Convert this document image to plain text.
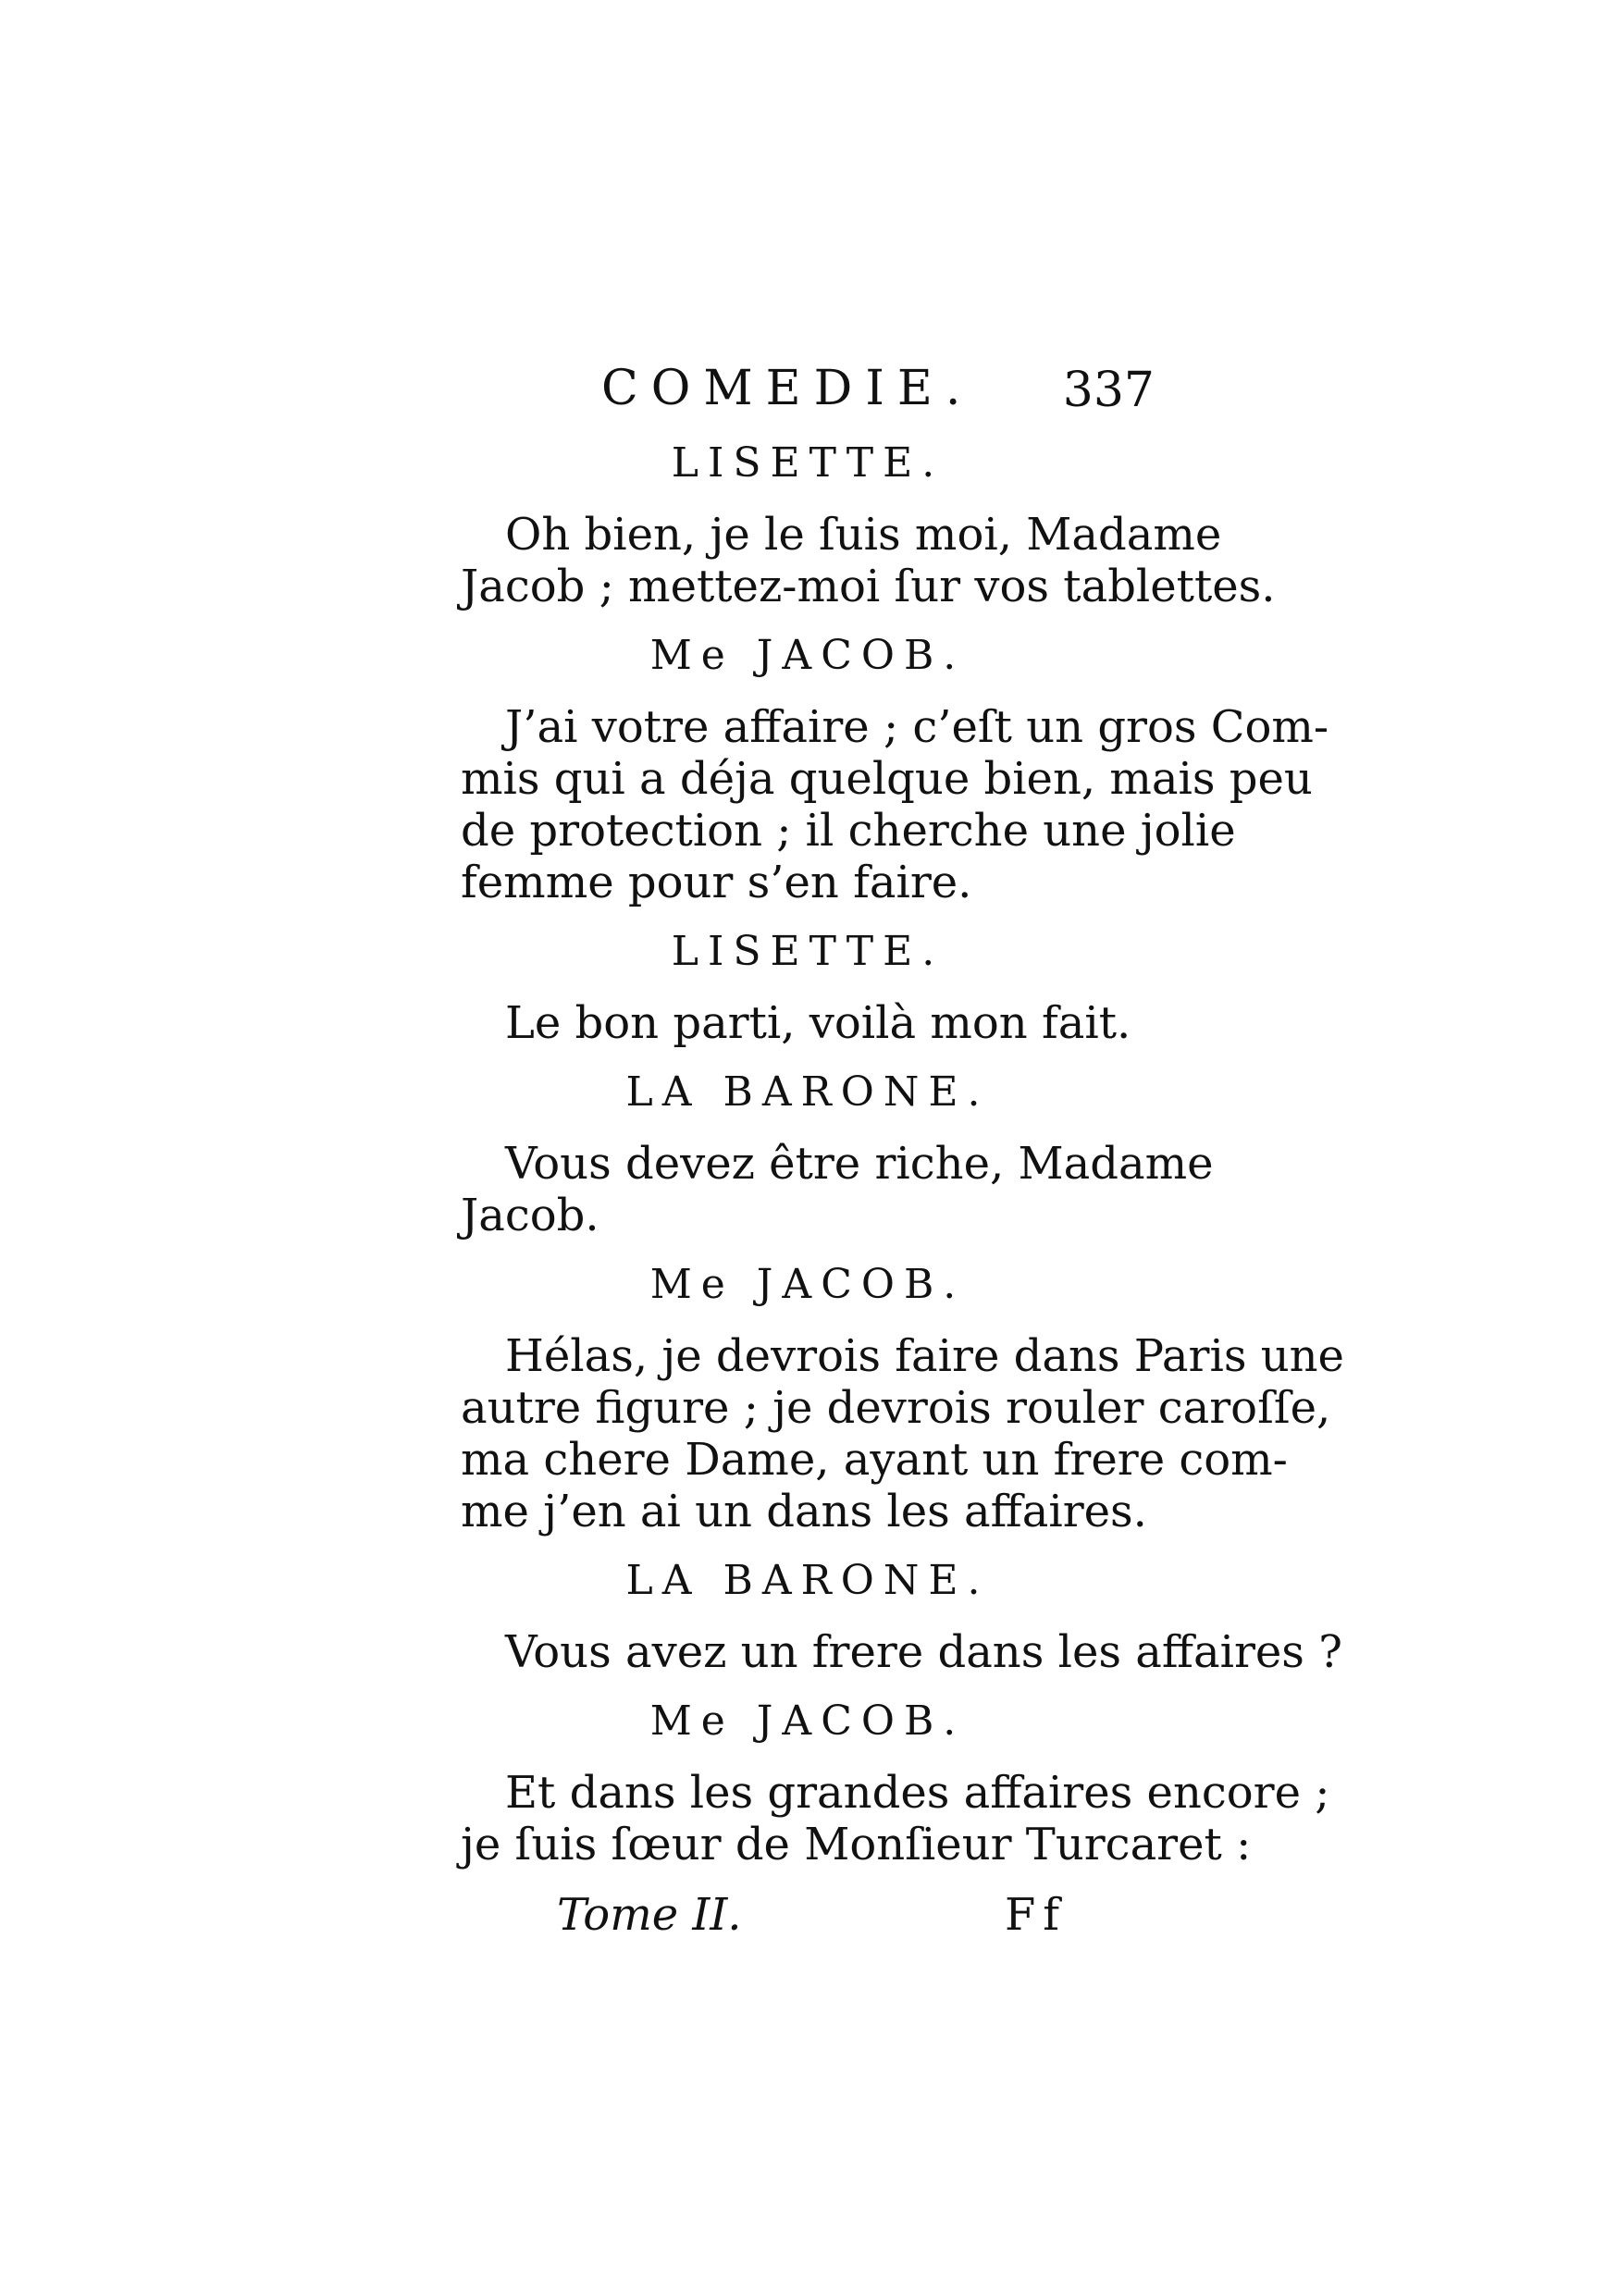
COMEDIE. 337
LISETTE.
Oh bien, je le ſuis moi, Madame
Jacob ; mettez-moi ſur vos tablettes.
Me JACOB.
J’ai votre affaire ; c’eſt un gros Com-
mis qui a déja quelque bien, mais peu
de protection ; il cherche une jolie
femme pour s’en faire.
LISETTE.
Le bon parti, voilà mon fait.
LA BARONE.
Vous devez être riche, Madame
Jacob.
Me JACOB.
Hélas, je devrois faire dans Paris une
autre figure ; je devrois rouler caroſſe,
ma chere Dame, ayant un frere com-
me j’en ai un dans les affaires.
LA BARONE.
Vous avez un frere dans les affaires ?
Me JACOB.
Et dans les grandes affaires encore ;
je ſuis ſœur de Monſieur Turcaret :
Tome II.	Ff
